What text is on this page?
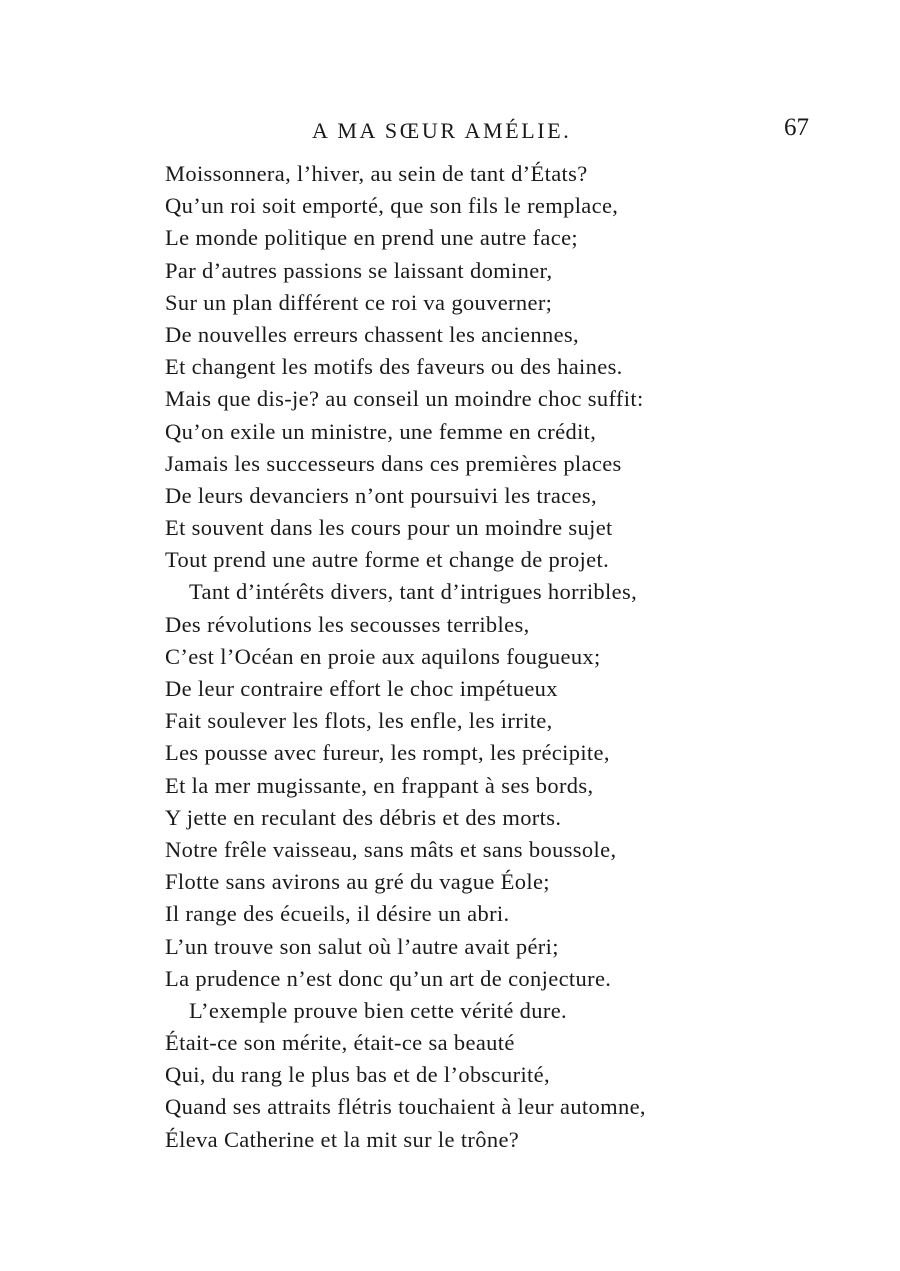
A MA SŒUR AMÉLIE.	67
Moissonnera, l’hiver, au sein de tant d’États?
Qu’un roi soit emporté, que son fils le remplace,
Le monde politique en prend une autre face;
Par d’autres passions se laissant dominer,
Sur un plan différent ce roi va gouverner;
De nouvelles erreurs chassent les anciennes,
Et changent les motifs des faveurs ou des haines.
Mais que dis-je? au conseil un moindre choc suffit:
Qu’on exile un ministre, une femme en crédit,
Jamais les successeurs dans ces premières places
De leurs devanciers n’ont poursuivi les traces,
Et souvent dans les cours pour un moindre sujet
Tout prend une autre forme et change de projet.
Tant d’intérêts divers, tant d’intrigues horribles,
Des révolutions les secousses terribles,
C’est l’Océan en proie aux aquilons fougueux;
De leur contraire effort le choc impétueux
Fait soulever les flots, les enfle, les irrite,
Les pousse avec fureur, les rompt, les précipite,
Et la mer mugissante, en frappant à ses bords,
Y jette en reculant des débris et des morts.
Notre frêle vaisseau, sans mâts et sans boussole,
Flotte sans avirons au gré du vague Éole;
Il range des écueils, il désire un abri.
L’un trouve son salut où l’autre avait péri;
La prudence n’est donc qu’un art de conjecture.
L’exemple prouve bien cette vérité dure.
Était-ce son mérite, était-ce sa beauté
Qui, du rang le plus bas et de l’obscurité,
Quand ses attraits flétris touchaient à leur automne,
Éleva Catherine et la mit sur le trône?
